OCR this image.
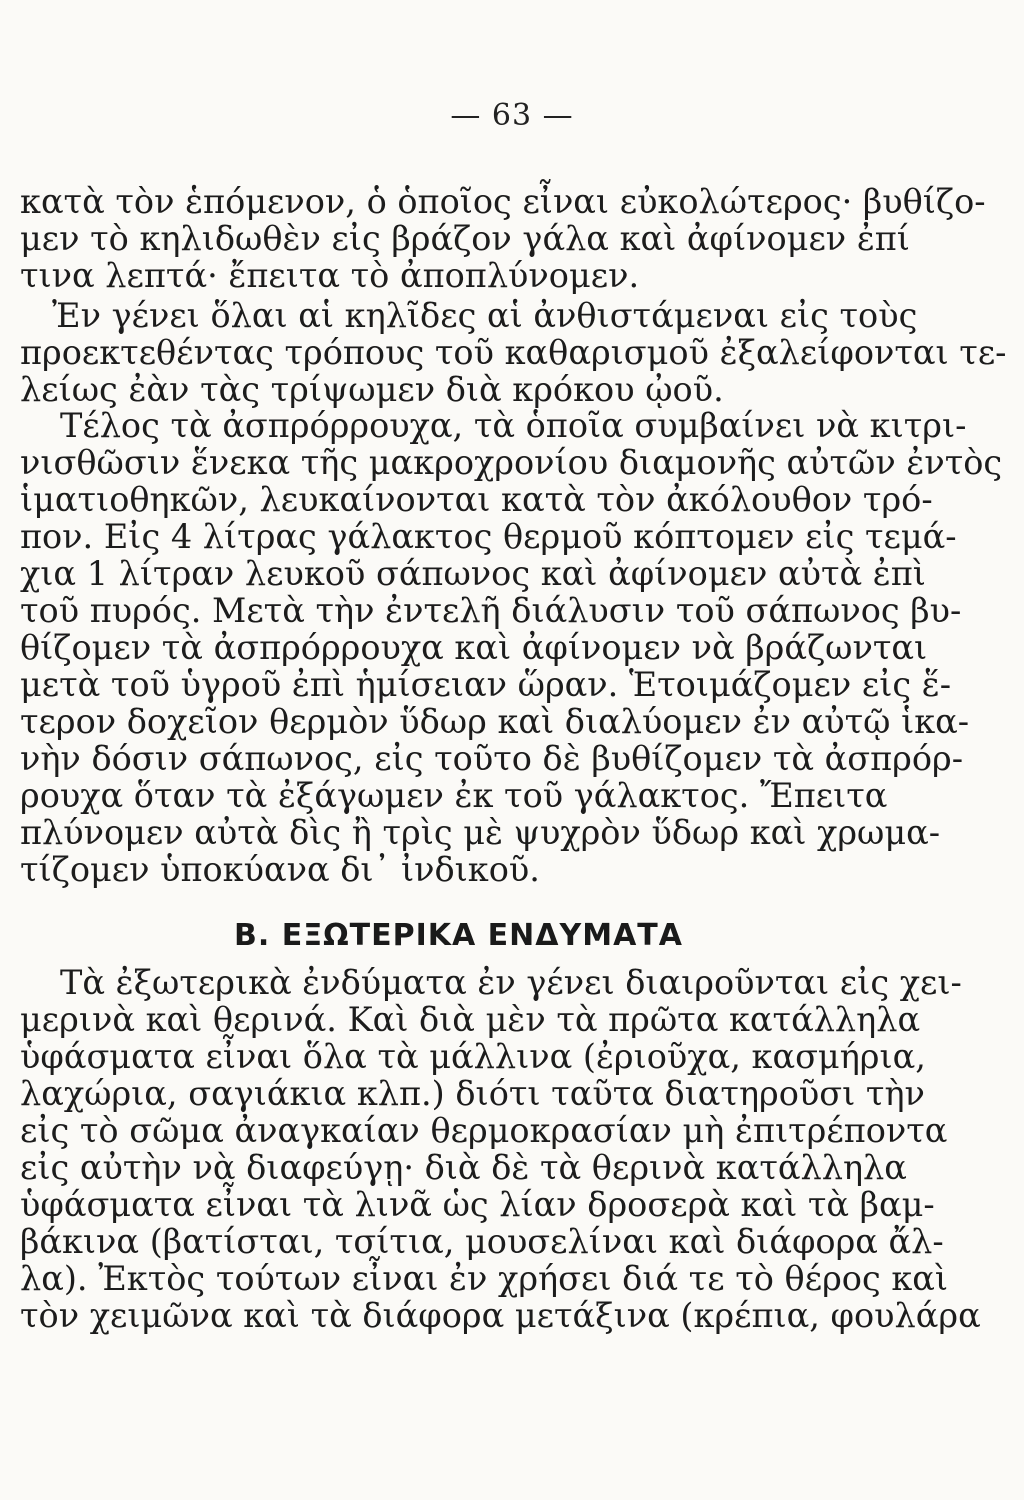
— 63 —
κατὰ τὸν ἑπόμενον, ὁ ὁποῖος εἶναι εὐκολώτερος· βυθίζο-
μεν τὸ κηλιδωθὲν εἰς βράζον γάλα καὶ ἀφίνομεν ἐπί
τινα λεπτά· ἔπειτα τὸ ἀποπλύνομεν.
Ἐν γένει ὅλαι αἱ κηλῖδες αἱ ἀνθιστάμεναι εἰς τοὺς
προεκτεθέντας τρόπους τοῦ καθαρισμοῦ ἐξαλείφονται τε-
λείως ἐὰν τὰς τρίψωμεν διὰ κρόκου ᾠοῦ.
Τέλος τὰ ἀσπρόρρουχα, τὰ ὁποῖα συμβαίνει νὰ κιτρι-
νισθῶσιν ἕνεκα τῆς μακροχρονίου διαμονῆς αὐτῶν ἐντὸς
ἱματιοθηκῶν, λευκαίνονται κατὰ τὸν ἀκόλουθον τρό-
πον. Εἰς 4 λίτρας γάλακτος θερμοῦ κόπτομεν εἰς τεμά-
χια 1 λίτραν λευκοῦ σάπωνος καὶ ἀφίνομεν αὐτὰ ἐπὶ
τοῦ πυρός. Μετὰ τὴν ἐντελῆ διάλυσιν τοῦ σάπωνος βυ-
θίζομεν τὰ ἀσπρόρρουχα καὶ ἀφίνομεν νὰ βράζωνται
μετὰ τοῦ ὑγροῦ ἐπὶ ἡμίσειαν ὥραν. Ἑτοιμάζομεν εἰς ἕ-
τερον δοχεῖον θερμὸν ὕδωρ καὶ διαλύομεν ἐν αὐτῷ ἱκα-
νὴν δόσιν σάπωνος, εἰς τοῦτο δὲ βυθίζομεν τὰ ἀσπρόρ-
ρουχα ὅταν τὰ ἐξάγωμεν ἐκ τοῦ γάλακτος. Ἔπειτα
πλύνομεν αὐτὰ δὶς ἢ τρὶς μὲ ψυχρὸν ὕδωρ καὶ χρωμα-
τίζομεν ὑποκύανα δι᾽ ἰνδικοῦ.
Β. ΕΞΩΤΕΡΙΚΑ ΕΝΔΥΜΑΤΑ
Τὰ ἐξωτερικὰ ἐνδύματα ἐν γένει διαιροῦνται εἰς χει-
μερινὰ καὶ θερινά. Καὶ διὰ μὲν τὰ πρῶτα κατάλληλα
ὑφάσματα εἶναι ὅλα τὰ μάλλινα (ἐριοῦχα, κασμήρια,
λαχώρια, σαγιάκια κλπ.) διότι ταῦτα διατηροῦσι τὴν
εἰς τὸ σῶμα ἀναγκαίαν θερμοκρασίαν μὴ ἐπιτρέποντα
εἰς αὐτὴν νὰ διαφεύγῃ· διὰ δὲ τὰ θερινὰ κατάλληλα
ὑφάσματα εἶναι τὰ λινᾶ ὡς λίαν δροσερὰ καὶ τὰ βαμ-
βάκινα (βατίσται, τσίτια, μουσελίναι καὶ διάφορα ἄλ-
λα). Ἐκτὸς τούτων εἶναι ἐν χρήσει διά τε τὸ θέρος καὶ
τὸν χειμῶνα καὶ τὰ διάφορα μετάξινα (κρέπια, φουλάρα
